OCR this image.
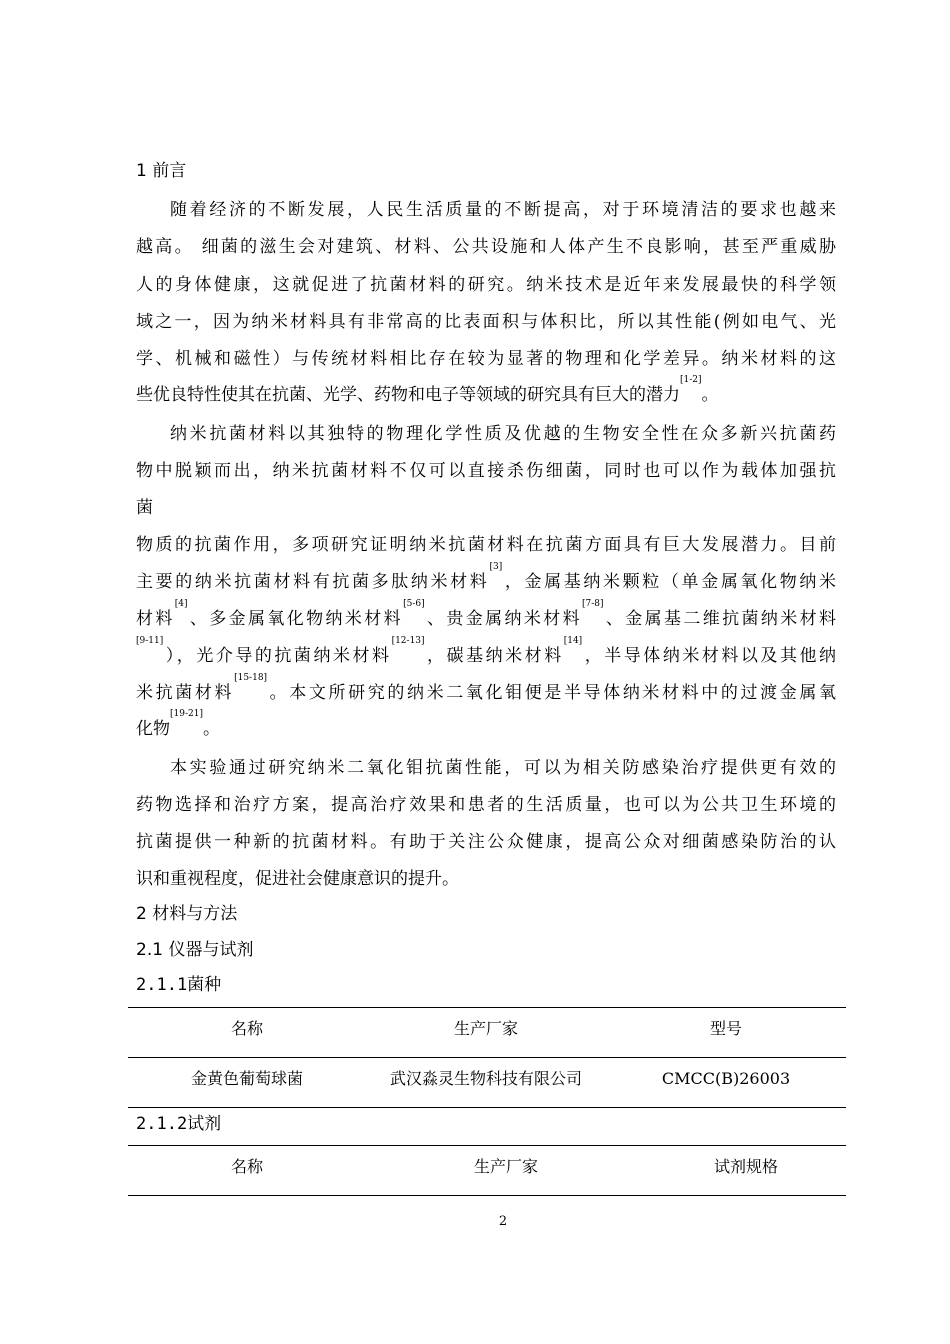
1 前言
随着经济的不断发展，人民生活质量的不断提高，对于环境清洁的要求也越来
越高。 细菌的滋生会对建筑、材料、公共设施和人体产生不良影响，甚至严重威胁
人的身体健康，这就促进了抗菌材料的研究。纳米技术是近年来发展最快的科学领
域之一，因为纳米材料具有非常高的比表面积与体积比，所以其性能(例如电气、光
学、机械和磁性）与传统材料相比存在较为显著的物理和化学差异。纳米材料的这
些优良特性使其在抗菌、光学、药物和电子等领域的研究具有巨大的潜力[1-2]。
纳米抗菌材料以其独特的物理化学性质及优越的生物安全性在众多新兴抗菌药
物中脱颖而出，纳米抗菌材料不仅可以直接杀伤细菌，同时也可以作为载体加强抗
菌
物质的抗菌作用，多项研究证明纳米抗菌材料在抗菌方面具有巨大发展潜力。目前
主要的纳米抗菌材料有抗菌多肽纳米材料[3]，金属基纳米颗粒（单金属氧化物纳米
材料[4]、多金属氧化物纳米材料[5-6]、贵金属纳米材料[7-8]、金属基二维抗菌纳米材料
[9-11]），光介导的抗菌纳米材料[12-13]，碳基纳米材料[14]，半导体纳米材料以及其他纳
米抗菌材料[15-18]。本文所研究的纳米二氧化钼便是半导体纳米材料中的过渡金属氧
化物[19-21]。
本实验通过研究纳米二氧化钼抗菌性能，可以为相关防感染治疗提供更有效的
药物选择和治疗方案，提高治疗效果和患者的生活质量，也可以为公共卫生环境的
抗菌提供一种新的抗菌材料。有助于关注公众健康，提高公众对细菌感染防治的认
识和重视程度，促进社会健康意识的提升。
2 材料与方法
2.1 仪器与试剂
2.1.1菌种
名称	生产厂家	型号
金黄色葡萄球菌	武汉淼灵生物科技有限公司	CMCC(B)26003
2.1.2试剂
名称	生产厂家	试剂规格
2
